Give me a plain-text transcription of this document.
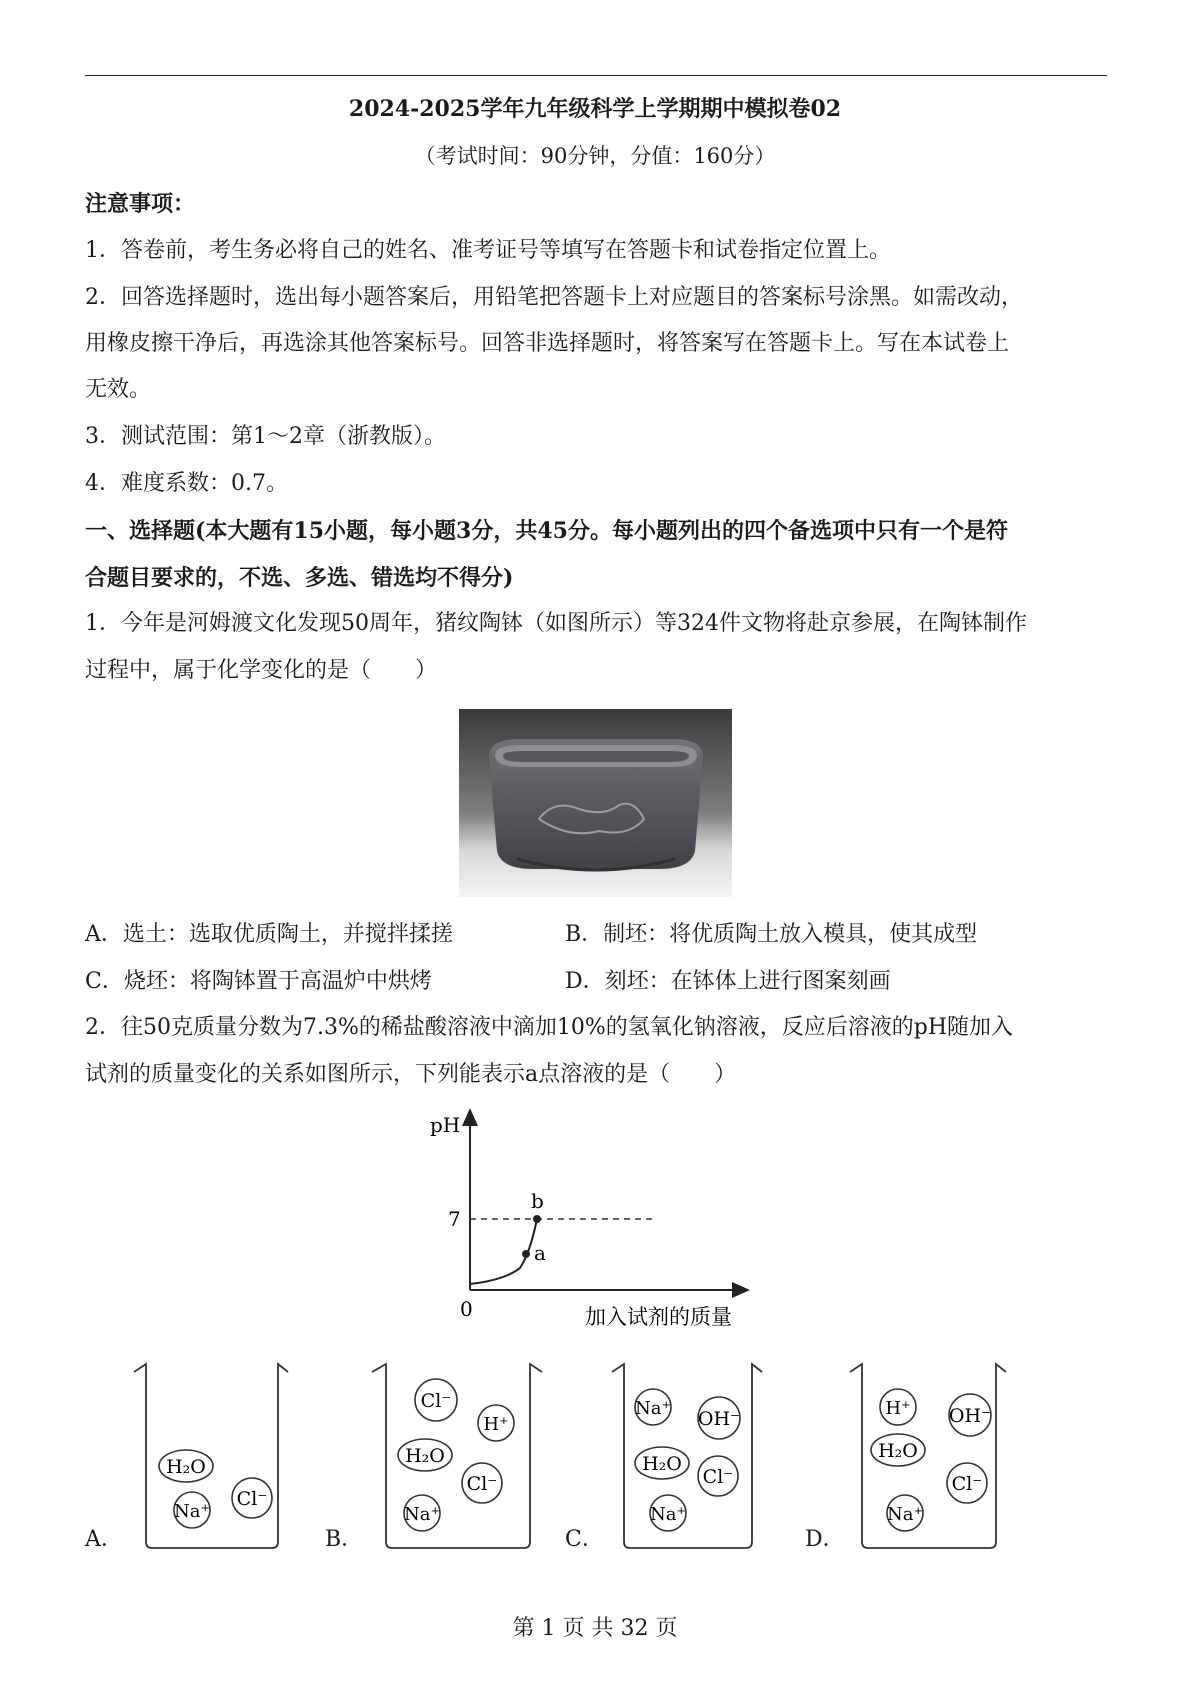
2024-2025学年九年级科学上学期期中模拟卷02
（考试时间：90分钟，分值：160分）
注意事项：
1．答卷前，考生务必将自己的姓名、准考证号等填写在答题卡和试卷指定位置上。
2．回答选择题时，选出每小题答案后，用铅笔把答题卡上对应题目的答案标号涂黑。如需改动，
用橡皮擦干净后，再选涂其他答案标号。回答非选择题时，将答案写在答题卡上。写在本试卷上
无效。
3．测试范围：第1～2章（浙教版）。
4．难度系数：0.7。
一、选择题(本大题有15小题，每小题3分，共45分。每小题列出的四个备选项中只有一个是符
合题目要求的，不选、多选、错选均不得分)
1．今年是河姆渡文化发现50周年，猪纹陶钵（如图所示）等324件文物将赴京参展，在陶钵制作
过程中，属于化学变化的是（　　）
A．选土：选取优质陶土，并搅拌揉搓	B．制坯：将优质陶土放入模具，使其成型
C．烧坯：将陶钵置于高温炉中烘烤	D．刻坯：在钵体上进行图案刻画
2．往50克质量分数为7.3%的稀盐酸溶液中滴加10%的氢氧化钠溶液，反应后溶液的pH随加入
试剂的质量变化的关系如图所示，下列能表示a点溶液的是（　　）
pH
7
0
a
b
加入试剂的质量
A．
H₂O
Na⁺
Cl⁻
B．
Cl⁻
H⁺
H₂O
Cl⁻
Na⁺
C．
Na⁺ OH⁻
H₂O
Cl⁻
Na⁺
D．
H⁺ OH⁻
H₂O
Cl⁻
Na⁺
第 1 页 共 32 页
